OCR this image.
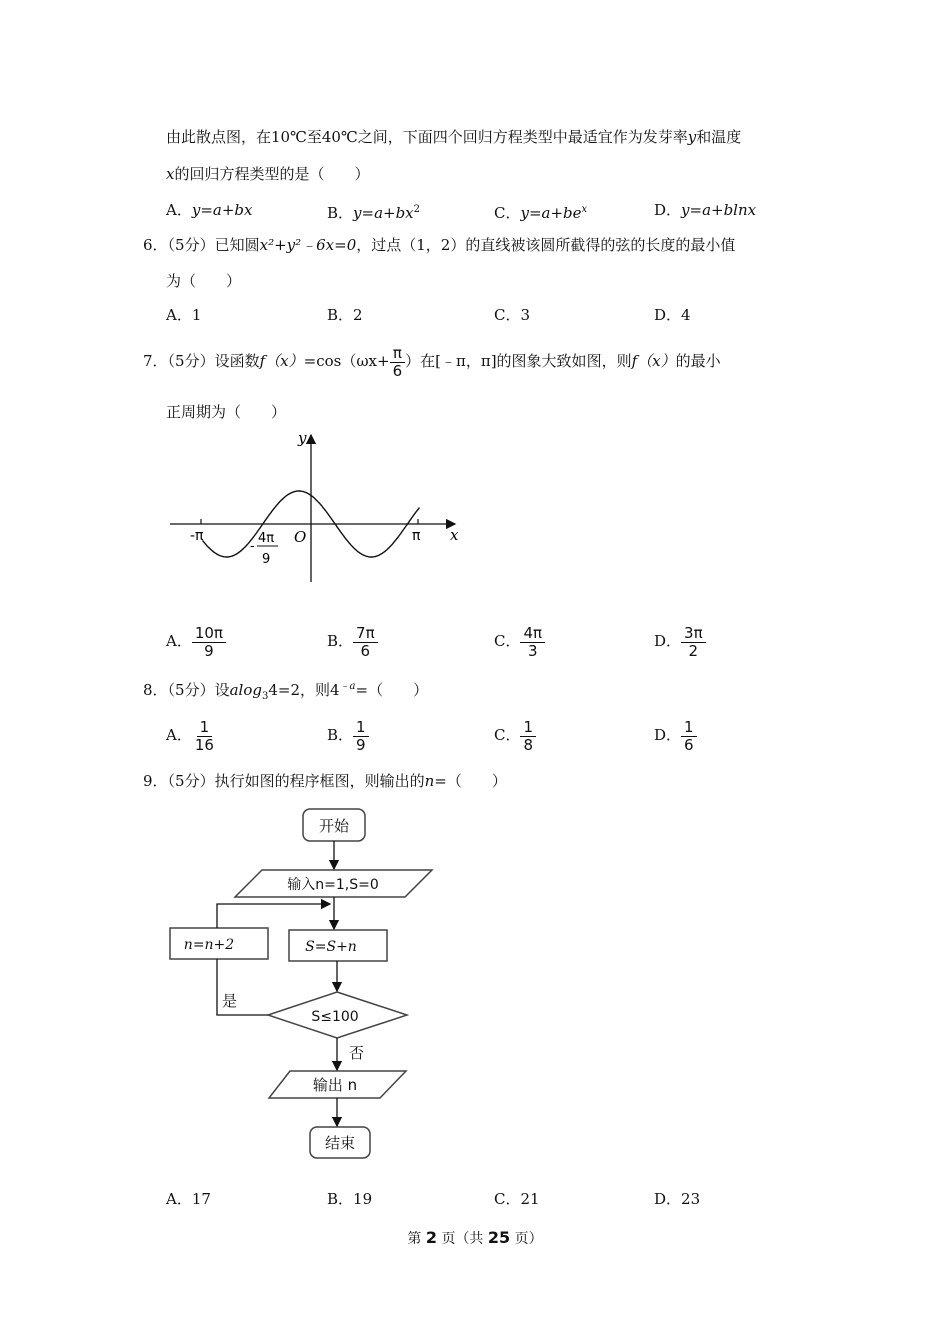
由此散点图，在10℃至40℃之间，下面四个回归方程类型中最适宜作为发芽率y和温度
x的回归方程类型的是（　　）
A．y=a+bx	B．$y=a+bx^2$	C．$y=a+be^x$	D．y=a+blnx
6．（5分）已知圆x²+y²﹣6x=0，过点（1，2）的直线被该圆所截得的弦的长度的最小值
为（　　）
A．1	B．2	C．3	D．4
7．（5分）设函数$f(x)=\cos(\omega x+ \frac{\pi}{6}$ ）在[﹣π，π]的图象大致如图，则f（x）的最小
正周期为（　　）
y
x
O
-π	π
-
4π
9
A． $\frac{10\pi}{9}$	B． $\frac{7\pi}{6}$	C． $\frac{4\pi}{3}$	D． $\frac{3\pi}{2}$
8．（5分）设alog$_3$4=2，则$4^{﹣a}=$（　　）
A． $\frac{1}{16}$	B． $\frac{1}{9}$	C． $\frac{1}{8}$	D． $\frac{1}{6}$
9．（5分）执行如图的程序框图，则输出的n=（　　）
开始
输入n=1,S=0
n=n+2	S=S+n
S≤100
是
否
输出 n
结束
A．17	B．19	C．21	D．23
第 2 页（共 25 页）
